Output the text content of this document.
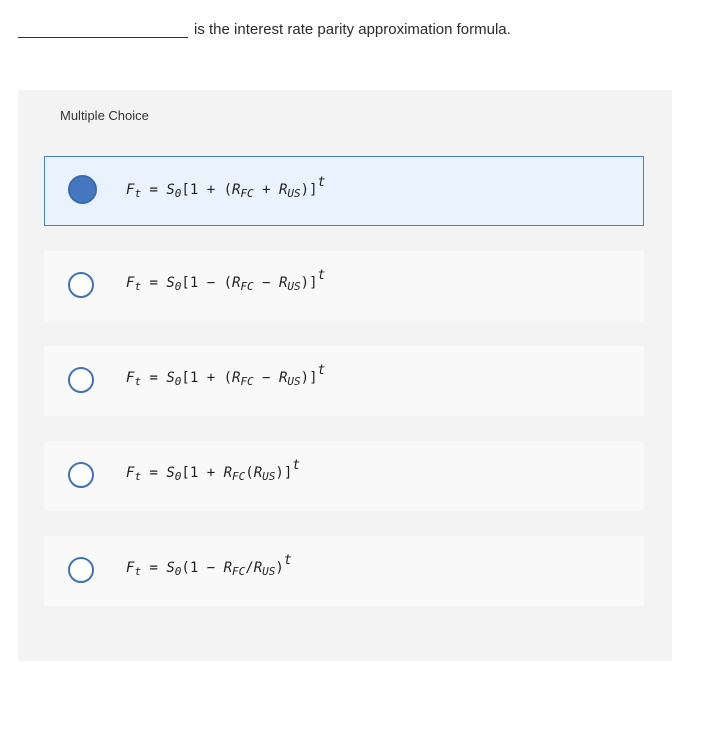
is the interest rate parity approximation formula.
Multiple Choice
$F_t = S_0[1 + (R_{FC} + R_{US})]^t$
$F_t = S_0[1 - (R_{FC} - R_{US})]^t$
$F_t = S_0[1 + (R_{FC} - R_{US})]^t$
$F_t = S_0[1 + R_{FC}(R_{US})]^t$
$F_t = S_0(1 - R_{FC}/R_{US})^t$
